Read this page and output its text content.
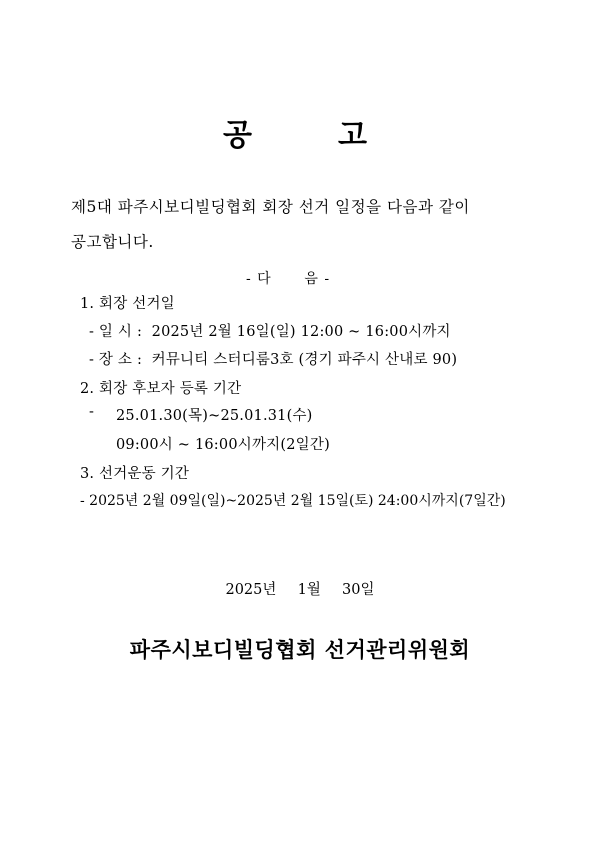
공	고
제5대 파주시보디빌딩협회 회장 선거 일정을 다음과 같이
공고합니다.
- 다      음 -
1. 회장 선거일
- 일 시 :  2025년 2월 16일(일) 12:00 ~ 16:00시까지
- 장 소 :  커뮤니티 스터디룸3호 (경기 파주시 산내로 90)
2. 회장 후보자 등록 기간
- 25.01.30(목)~25.01.31(수)
09:00시 ~ 16:00시까지(2일간)
3. 선거운동 기간
- 2025년 2월 09일(일)~2025년 2월 15일(토) 24:00시까지(7일간)
2025년  1월  30일
파주시보디빌딩협회 선거관리위원회
